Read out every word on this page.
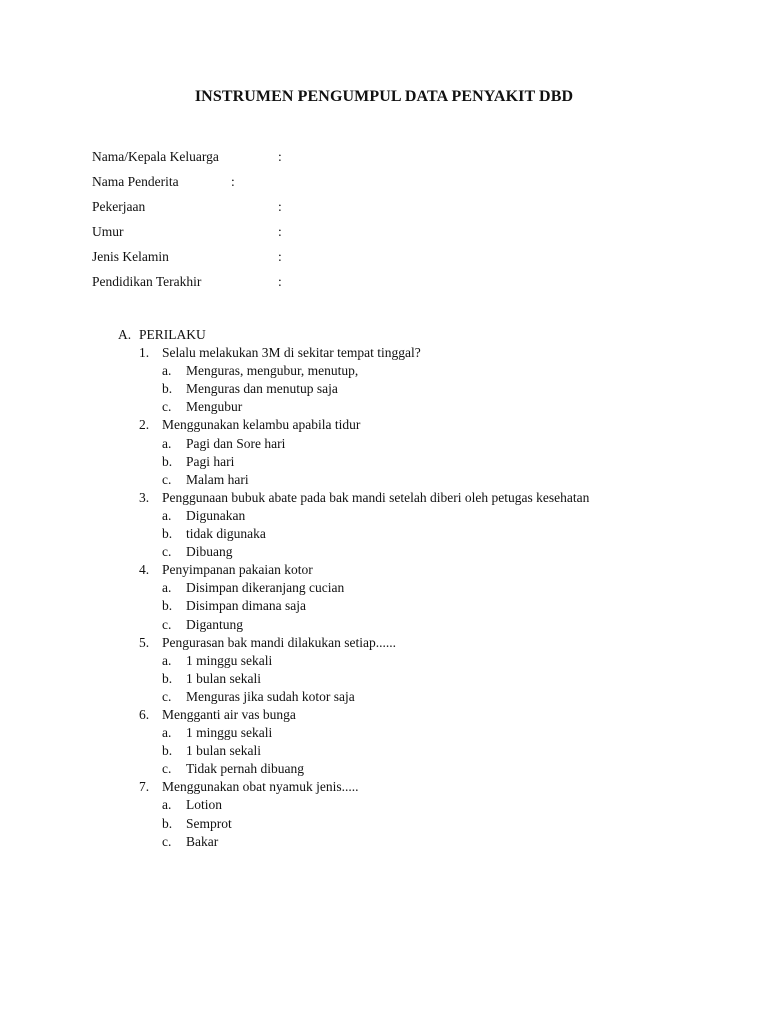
INSTRUMEN PENGUMPUL DATA PENYAKIT DBD
Nama/Kepala Keluarga	:
Nama Penderita	:
Pekerjaan	:
Umur	:
Jenis Kelamin	:
Pendidikan Terakhir	:
A. PERILAKU
1. Selalu melakukan 3M di sekitar tempat tinggal?
a. Menguras, mengubur, menutup,
b. Menguras dan menutup saja
c. Mengubur
2. Menggunakan kelambu apabila tidur
a. Pagi dan Sore hari
b. Pagi hari
c. Malam hari
3. Penggunaan bubuk abate pada bak mandi setelah diberi oleh petugas kesehatan
a. Digunakan
b. tidak digunaka
c. Dibuang
4. Penyimpanan pakaian kotor
a. Disimpan dikeranjang cucian
b. Disimpan dimana saja
c. Digantung
5. Pengurasan bak mandi dilakukan setiap......
a. 1 minggu sekali
b. 1 bulan sekali
c. Menguras jika sudah kotor saja
6. Mengganti air vas bunga
a. 1 minggu sekali
b. 1 bulan sekali
c. Tidak pernah dibuang
7. Menggunakan obat nyamuk jenis.....
a. Lotion
b. Semprot
c. Bakar
